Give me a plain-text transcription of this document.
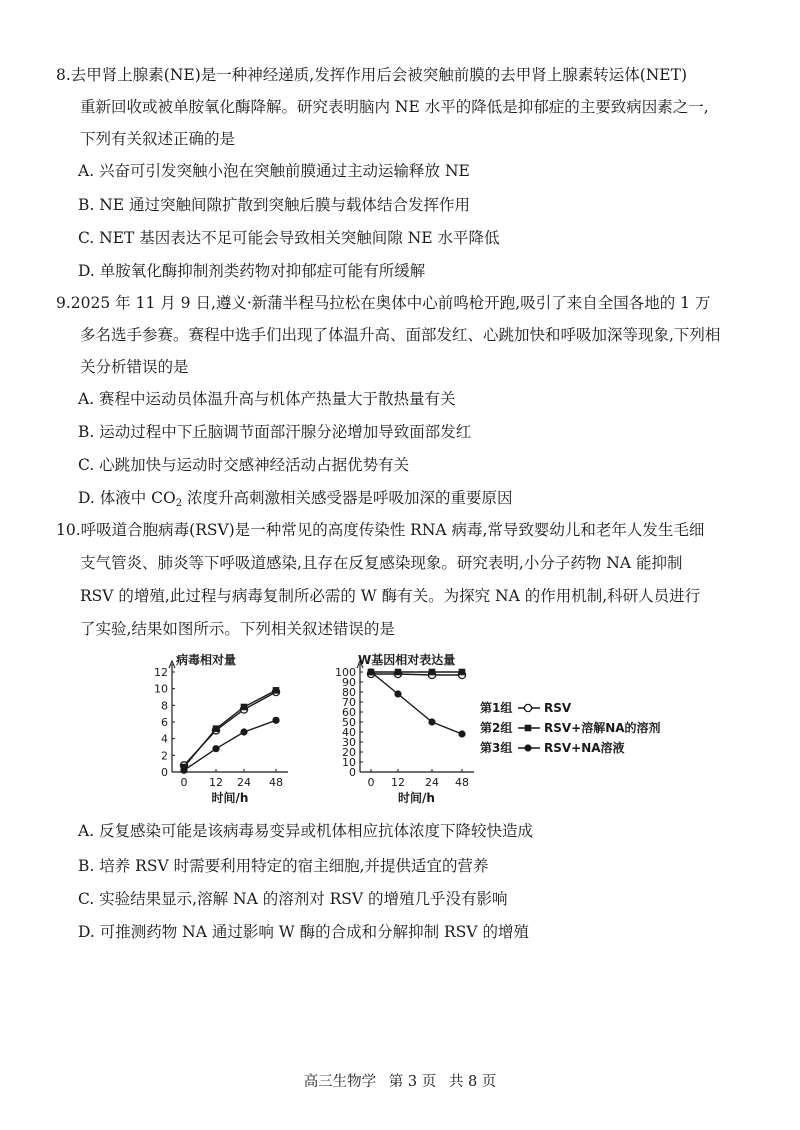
8.去甲肾上腺素(NE)是一种神经递质,发挥作用后会被突触前膜的去甲肾上腺素转运体(NET)
重新回收或被单胺氧化酶降解。研究表明脑内 NE 水平的降低是抑郁症的主要致病因素之一,
下列有关叙述正确的是
A. 兴奋可引发突触小泡在突触前膜通过主动运输释放 NE
B. NE 通过突触间隙扩散到突触后膜与载体结合发挥作用
C. NET 基因表达不足可能会导致相关突触间隙 NE 水平降低
D. 单胺氧化酶抑制剂类药物对抑郁症可能有所缓解
9.2025 年 11 月 9 日,遵义·新蒲半程马拉松在奥体中心前鸣枪开跑,吸引了来自全国各地的 1 万
多名选手参赛。赛程中选手们出现了体温升高、面部发红、心跳加快和呼吸加深等现象,下列相
关分析错误的是
A. 赛程中运动员体温升高与机体产热量大于散热量有关
B. 运动过程中下丘脑调节面部汗腺分泌增加导致面部发红
C. 心跳加快与运动时交感神经活动占据优势有关
D. 体液中 $CO_2$ 浓度升高刺激相关感受器是呼吸加深的重要原因
10.呼吸道合胞病毒(RSV)是一种常见的高度传染性 RNA 病毒,常导致婴幼儿和老年人发生毛细
支气管炎、肺炎等下呼吸道感染,且存在反复感染现象。研究表明,小分子药物 NA 能抑制
RSV 的增殖,此过程与病毒复制所必需的 W 酶有关。为探究 NA 的作用机制,科研人员进行
了实验,结果如图所示。下列相关叙述错误的是
病毒相对量
0
2
4
6
8
10
12
0 12 24 48
时间/h
W基因相对表达量
0
10
20
30
40
50
60
70
80
90
100
0 12 24 48
时间/h
第1组	RSV
第2组	RSV+溶解NA的溶剂
第3组	RSV+NA溶液
A. 反复感染可能是该病毒易变异或机体相应抗体浓度下降较快造成
B. 培养 RSV 时需要利用特定的宿主细胞,并提供适宜的营养
C. 实验结果显示,溶解 NA 的溶剂对 RSV 的增殖几乎没有影响
D. 可推测药物 NA 通过影响 W 酶的合成和分解抑制 RSV 的增殖
高三生物学 第 3 页 共 8 页
